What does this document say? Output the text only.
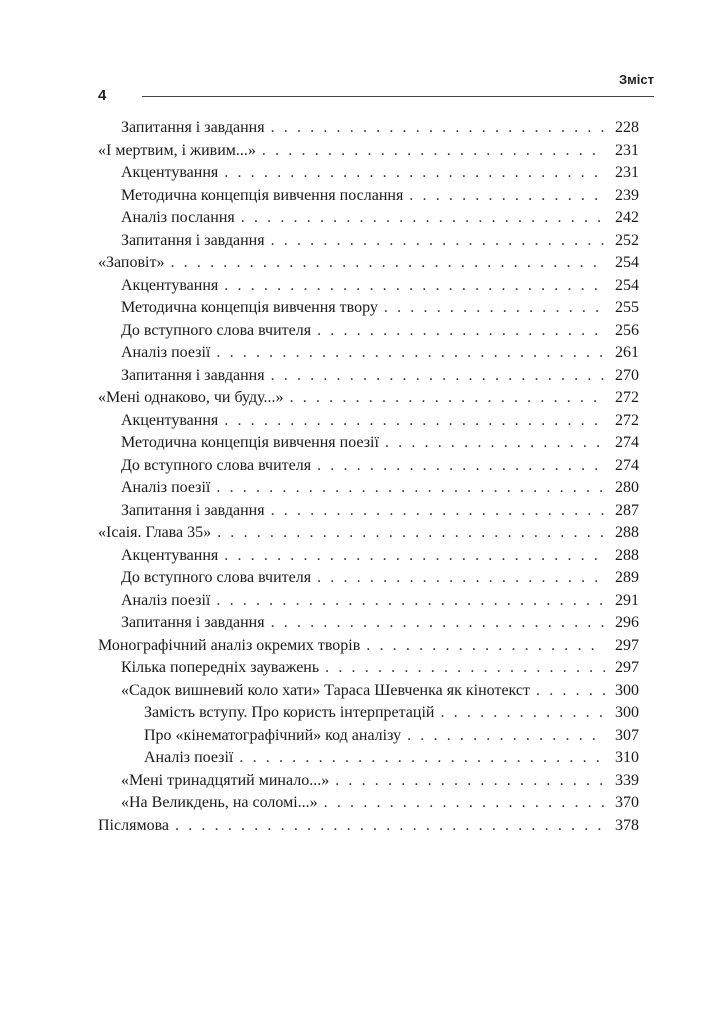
Зміст
4
Запитання і завдання . . .	228
«І мертвим, і живим...» . . .	231
Акцентування . . .	231
Методична концепція вивчення послання . . .	239
Аналіз послання . . .	242
Запитання і завдання . . .	252
«Заповіт» . . .	254
Акцентування . . .	254
Методична концепція вивчення твору . . .	255
До вступного слова вчителя . . .	256
Аналіз поезії . . .	261
Запитання і завдання . . .	270
«Мені однаково, чи буду...» . . .	272
Акцентування . . .	272
Методична концепція вивчення поезії . . .	274
До вступного слова вчителя . . .	274
Аналіз поезії . . .	280
Запитання і завдання . . .	287
«Ісаія. Глава 35» . . .	288
Акцентування . . .	288
До вступного слова вчителя . . .	289
Аналіз поезії . . .	291
Запитання і завдання . . .	296
Монографічний аналіз окремих творів . . .	297
Кілька попередніх зауважень . . .	297
«Садок вишневий коло хати» Тараса Шевченка як кінотекст . . .	300
Замість вступу. Про користь інтерпретацій . . .	300
Про «кінематографічний» код аналізу . . .	307
Аналіз поезії . . .	310
«Мені тринадцятий минало...» . . .	339
«На Великдень, на соломі...» . . .	370
Післямова . . .	378
